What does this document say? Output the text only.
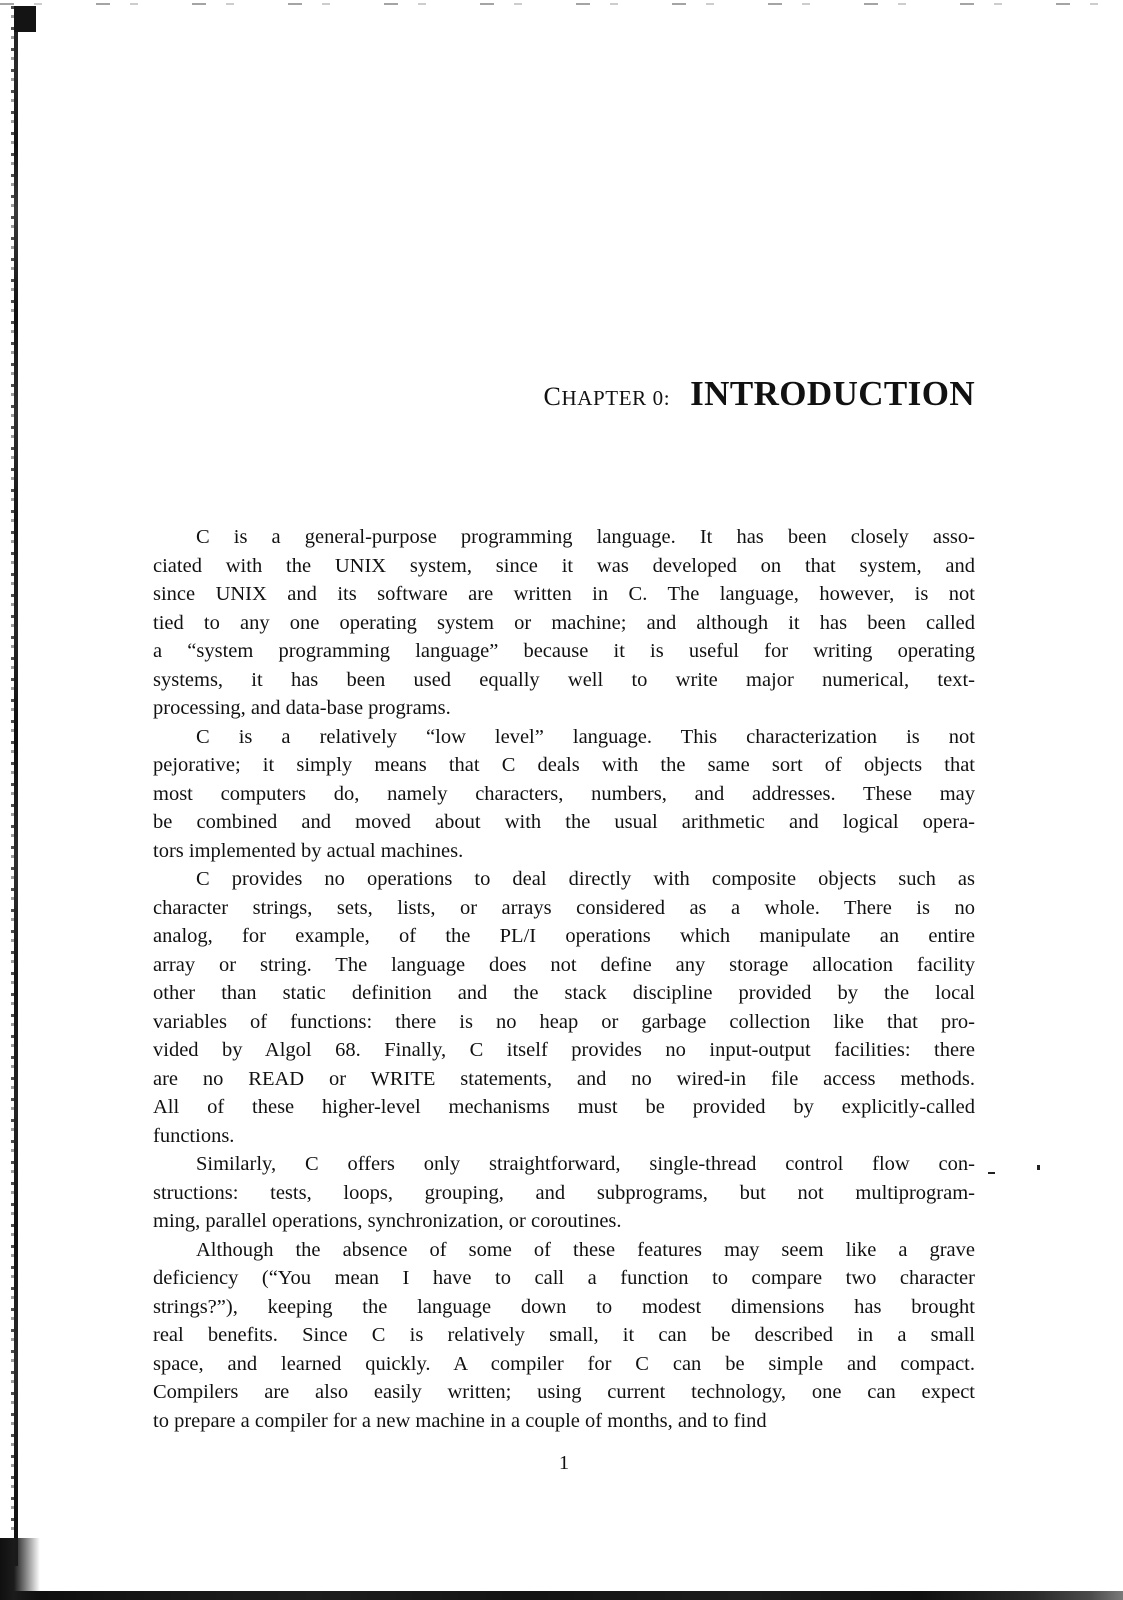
CHAPTER 0: INTRODUCTION
C is a general-purpose programming language. It has been closely asso-
ciated with the UNIX system, since it was developed on that system, and
since UNIX and its software are written in C. The language, however, is not
tied to any one operating system or machine; and although it has been called
a “system programming language” because it is useful for writing operating
systems, it has been used equally well to write major numerical, text-
processing, and data-base programs.
C is a relatively “low level” language. This characterization is not
pejorative; it simply means that C deals with the same sort of objects that
most computers do, namely characters, numbers, and addresses. These may
be combined and moved about with the usual arithmetic and logical opera-
tors implemented by actual machines.
C provides no operations to deal directly with composite objects such as
character strings, sets, lists, or arrays considered as a whole. There is no
analog, for example, of the PL/I operations which manipulate an entire
array or string. The language does not define any storage allocation facility
other than static definition and the stack discipline provided by the local
variables of functions: there is no heap or garbage collection like that pro-
vided by Algol 68. Finally, C itself provides no input-output facilities: there
are no READ or WRITE statements, and no wired-in file access methods.
All of these higher-level mechanisms must be provided by explicitly-called
functions.
Similarly, C offers only straightforward, single-thread control flow con-
structions: tests, loops, grouping, and subprograms, but not multiprogram-
ming, parallel operations, synchronization, or coroutines.
Although the absence of some of these features may seem like a grave
deficiency (“You mean I have to call a function to compare two character
strings?”), keeping the language down to modest dimensions has brought
real benefits. Since C is relatively small, it can be described in a small
space, and learned quickly. A compiler for C can be simple and compact.
Compilers are also easily written; using current technology, one can expect
to prepare a compiler for a new machine in a couple of months, and to find
1
